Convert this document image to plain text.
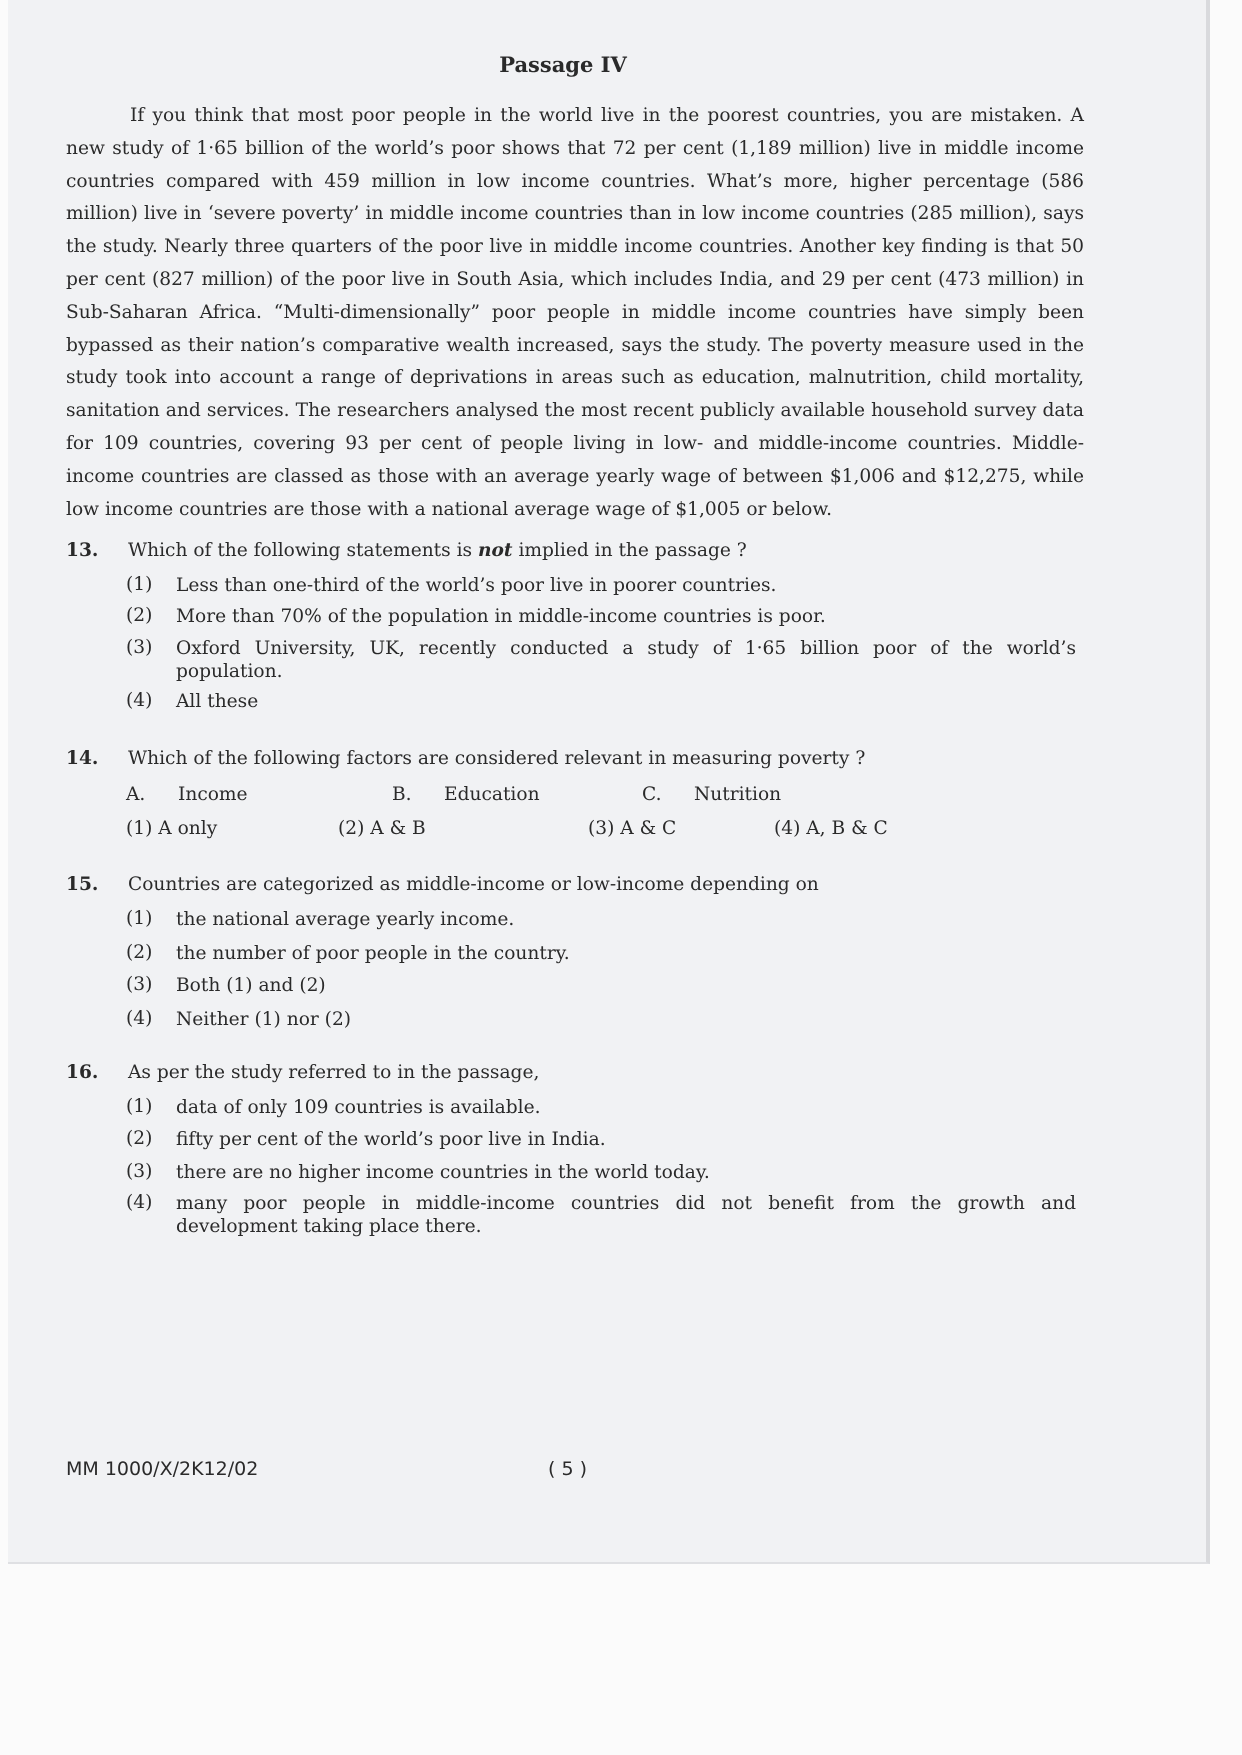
Passage IV

If you think that most poor people in the world live in the poorest countries, you are mistaken. A new study of 1·65 billion of the world’s poor shows that 72 per cent (1,189 million) live in middle income countries compared with 459 million in low income countries. What’s more, higher percentage (586 million) live in ‘severe poverty’ in middle income countries than in low income countries (285 million), says the study. Nearly three quarters of the poor live in middle income countries. Another key finding is that 50 per cent (827 million) of the poor live in South Asia, which includes India, and 29 per cent (473 million) in Sub-Saharan Africa. “Multi-dimensionally” poor people in middle income countries have simply been bypassed as their nation’s comparative wealth increased, says the study. The poverty measure used in the study took into account a range of deprivations in areas such as education, malnutrition, child mortality, sanitation and services. The researchers analysed the most recent publicly available household survey data for 109 countries, covering 93 per cent of people living in low- and middle-income countries. Middle-income countries are classed as those with an average yearly wage of between $1,006 and $12,275, while low income countries are those with a national average wage of $1,005 or below.

13. Which of the following statements is not implied in the passage ?
(1) Less than one-third of the world’s poor live in poorer countries.
(2) More than 70% of the population in middle-income countries is poor.
(3) Oxford University, UK, recently conducted a study of 1·65 billion poor of the world’s population.
(4) All these
14. Which of the following factors are considered relevant in measuring poverty ?
A. Income	B. Education	C. Nutrition
(1) A only	(2) A & B	(3) A & C	(4) A, B & C
15. Countries are categorized as middle-income or low-income depending on
(1) the national average yearly income.
(2) the number of poor people in the country.
(3) Both (1) and (2)
(4) Neither (1) nor (2)
16. As per the study referred to in the passage,
(1) data of only 109 countries is available.
(2) fifty per cent of the world’s poor live in India.
(3) there are no higher income countries in the world today.
(4) many poor people in middle-income countries did not benefit from the growth and development taking place there.
MM 1000/X/2K12/02	( 5 )
